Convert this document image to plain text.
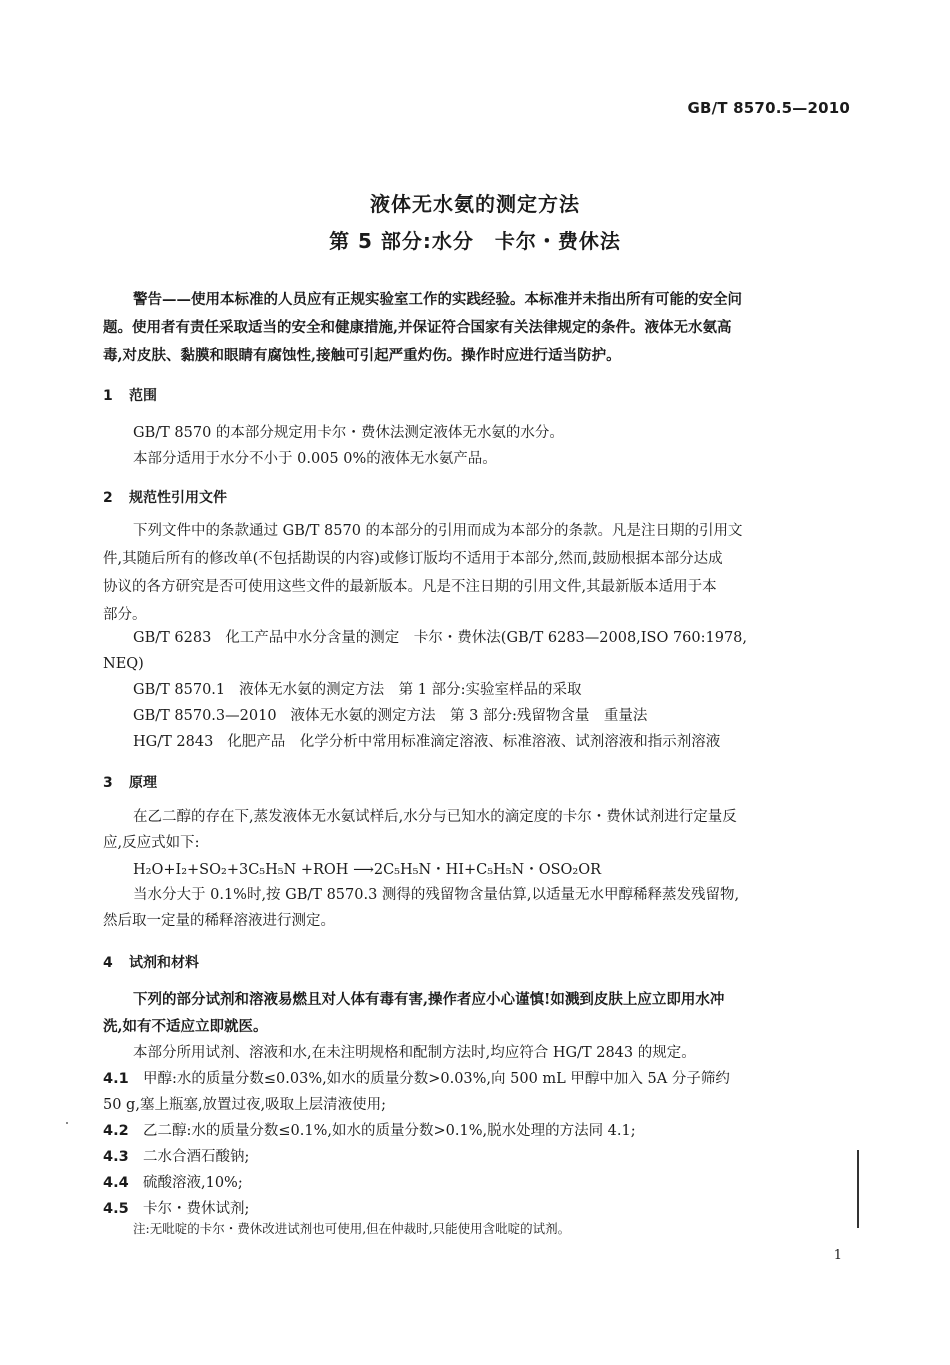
GB/T 8570.5—2010
液体无水氨的测定方法
第 5 部分:水分　卡尔・费休法
警告——使用本标准的人员应有正规实验室工作的实践经验。本标准并未指出所有可能的安全问
题。使用者有责任采取适当的安全和健康措施,并保证符合国家有关法律规定的条件。液体无水氨高
毒,对皮肤、黏膜和眼睛有腐蚀性,接触可引起严重灼伤。操作时应进行适当防护。
1 范围
GB/T 8570 的本部分规定用卡尔・费休法测定液体无水氨的水分。
本部分适用于水分不小于 0.005 0%的液体无水氨产品。
2 规范性引用文件
下列文件中的条款通过 GB/T 8570 的本部分的引用而成为本部分的条款。凡是注日期的引用文
件,其随后所有的修改单(不包括勘误的内容)或修订版均不适用于本部分,然而,鼓励根据本部分达成
协议的各方研究是否可使用这些文件的最新版本。凡是不注日期的引用文件,其最新版本适用于本
部分。
GB/T 6283 化工产品中水分含量的测定　卡尔・费休法(GB/T 6283—2008,ISO 760:1978,
NEQ)
GB/T 8570.1 液体无水氨的测定方法　第 1 部分:实验室样品的采取
GB/T 8570.3—2010 液体无水氨的测定方法　第 3 部分:残留物含量　重量法
HG/T 2843 化肥产品　化学分析中常用标准滴定溶液、标准溶液、试剂溶液和指示剂溶液
3 原理
在乙二醇的存在下,蒸发液体无水氨试样后,水分与已知水的滴定度的卡尔・费休试剂进行定量反
应,反应式如下:
H₂O+I₂+SO₂+3C₅H₅N +ROH ⟶2C₅H₅N・HI+C₅H₅N・OSO₂OR
当水分大于 0.1%时,按 GB/T 8570.3 测得的残留物含量估算,以适量无水甲醇稀释蒸发残留物,
然后取一定量的稀释溶液进行测定。
4 试剂和材料
下列的部分试剂和溶液易燃且对人体有毒有害,操作者应小心谨慎!如溅到皮肤上应立即用水冲
洗,如有不适应立即就医。
本部分所用试剂、溶液和水,在未注明规格和配制方法时,均应符合 HG/T 2843 的规定。
4.1 甲醇:水的质量分数≤0.03%,如水的质量分数>0.03%,向 500 mL 甲醇中加入 5A 分子筛约
50 g,塞上瓶塞,放置过夜,吸取上层清液使用;
4.2 乙二醇:水的质量分数≤0.1%,如水的质量分数>0.1%,脱水处理的方法同 4.1;
4.3 二水合酒石酸钠;
4.4 硫酸溶液,10%;
4.5 卡尔・费休试剂;
注:无吡啶的卡尔・费休改进试剂也可使用,但在仲裁时,只能使用含吡啶的试剂。
1
